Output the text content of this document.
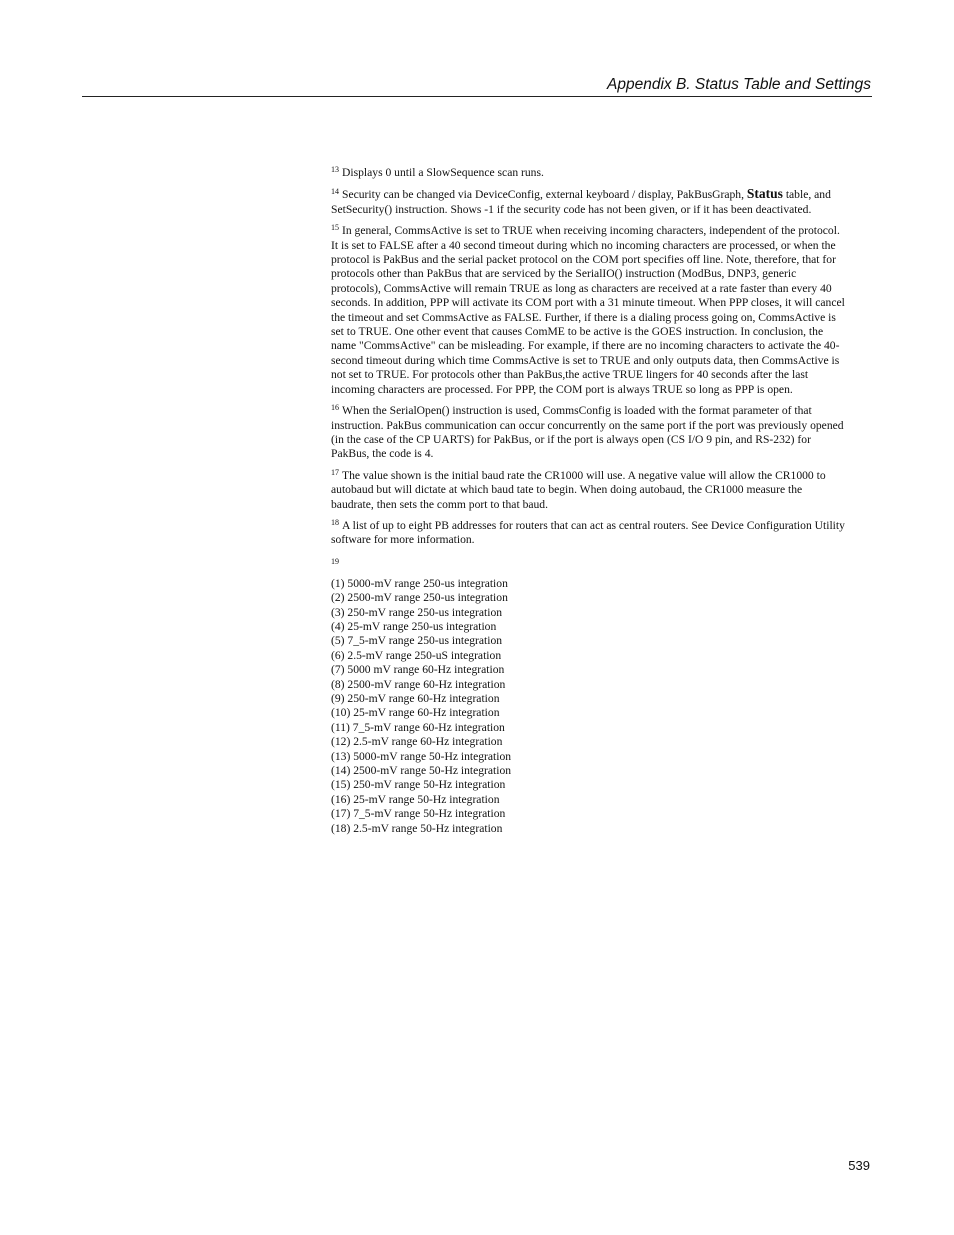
Appendix B. Status Table and Settings

$^{13}$ Displays 0 until a SlowSequence scan runs.

$^{14}$ Security can be changed via DeviceConfig, external keyboard / display, PakBusGraph, Status table, and SetSecurity() instruction. Shows -1 if the security code has not been given, or if it has been deactivated.

$^{15}$ In general, CommsActive is set to TRUE when receiving incoming characters, independent of the protocol. It is set to FALSE after a 40 second timeout during which no incoming characters are processed, or when the protocol is PakBus and the serial packet protocol on the COM port specifies off line. Note, therefore, that for protocols other than PakBus that are serviced by the SerialIO() instruction (ModBus, DNP3, generic protocols), CommsActive will remain TRUE as long as characters are received at a rate faster than every 40 seconds. In addition, PPP will activate its COM port with a 31 minute timeout. When PPP closes, it will cancel the timeout and set CommsActive as FALSE. Further, if there is a dialing process going on, CommsActive is set to TRUE. One other event that causes ComME to be active is the GOES instruction. In conclusion, the name "CommsActive" can be misleading. For example, if there are no incoming characters to activate the 40-second timeout during which time CommsActive is set to TRUE and only outputs data, then CommsActive is not set to TRUE. For protocols other than PakBus,the active TRUE lingers for 40 seconds after the last incoming characters are processed. For PPP, the COM port is always TRUE so long as PPP is open.

$^{16}$ When the SerialOpen() instruction is used, CommsConfig is loaded with the format parameter of that instruction. PakBus communication can occur concurrently on the same port if the port was previously opened (in the case of the CP UARTS) for PakBus, or if the port is always open (CS I/O 9 pin, and RS-232) for PakBus, the code is 4.

$^{17}$ The value shown is the initial baud rate the CR1000 will use. A negative value will allow the CR1000 to autobaud but will dictate at which baud tate to begin. When doing autobaud, the CR1000 measure the baudrate, then sets the comm port to that baud.

$^{18}$ A list of up to eight PB addresses for routers that can act as central routers. See Device Configuration Utility software for more information.

19
(1) 5000-mV range 250-us integration
(2) 2500-mV range 250-us integration
(3) 250-mV range 250-us integration
(4) 25-mV range 250-us integration
(5) 7_5-mV range 250-us integration
(6) 2.5-mV range 250-uS integration
(7) 5000 mV range 60-Hz integration
(8) 2500-mV range 60-Hz integration
(9) 250-mV range 60-Hz integration
(10) 25-mV range 60-Hz integration
(11) 7_5-mV range 60-Hz integration
(12) 2.5-mV range 60-Hz integration
(13) 5000-mV range 50-Hz integration
(14) 2500-mV range 50-Hz integration
(15) 250-mV range 50-Hz integration
(16) 25-mV range 50-Hz integration
(17) 7_5-mV range 50-Hz integration
(18) 2.5-mV range 50-Hz integration
539
